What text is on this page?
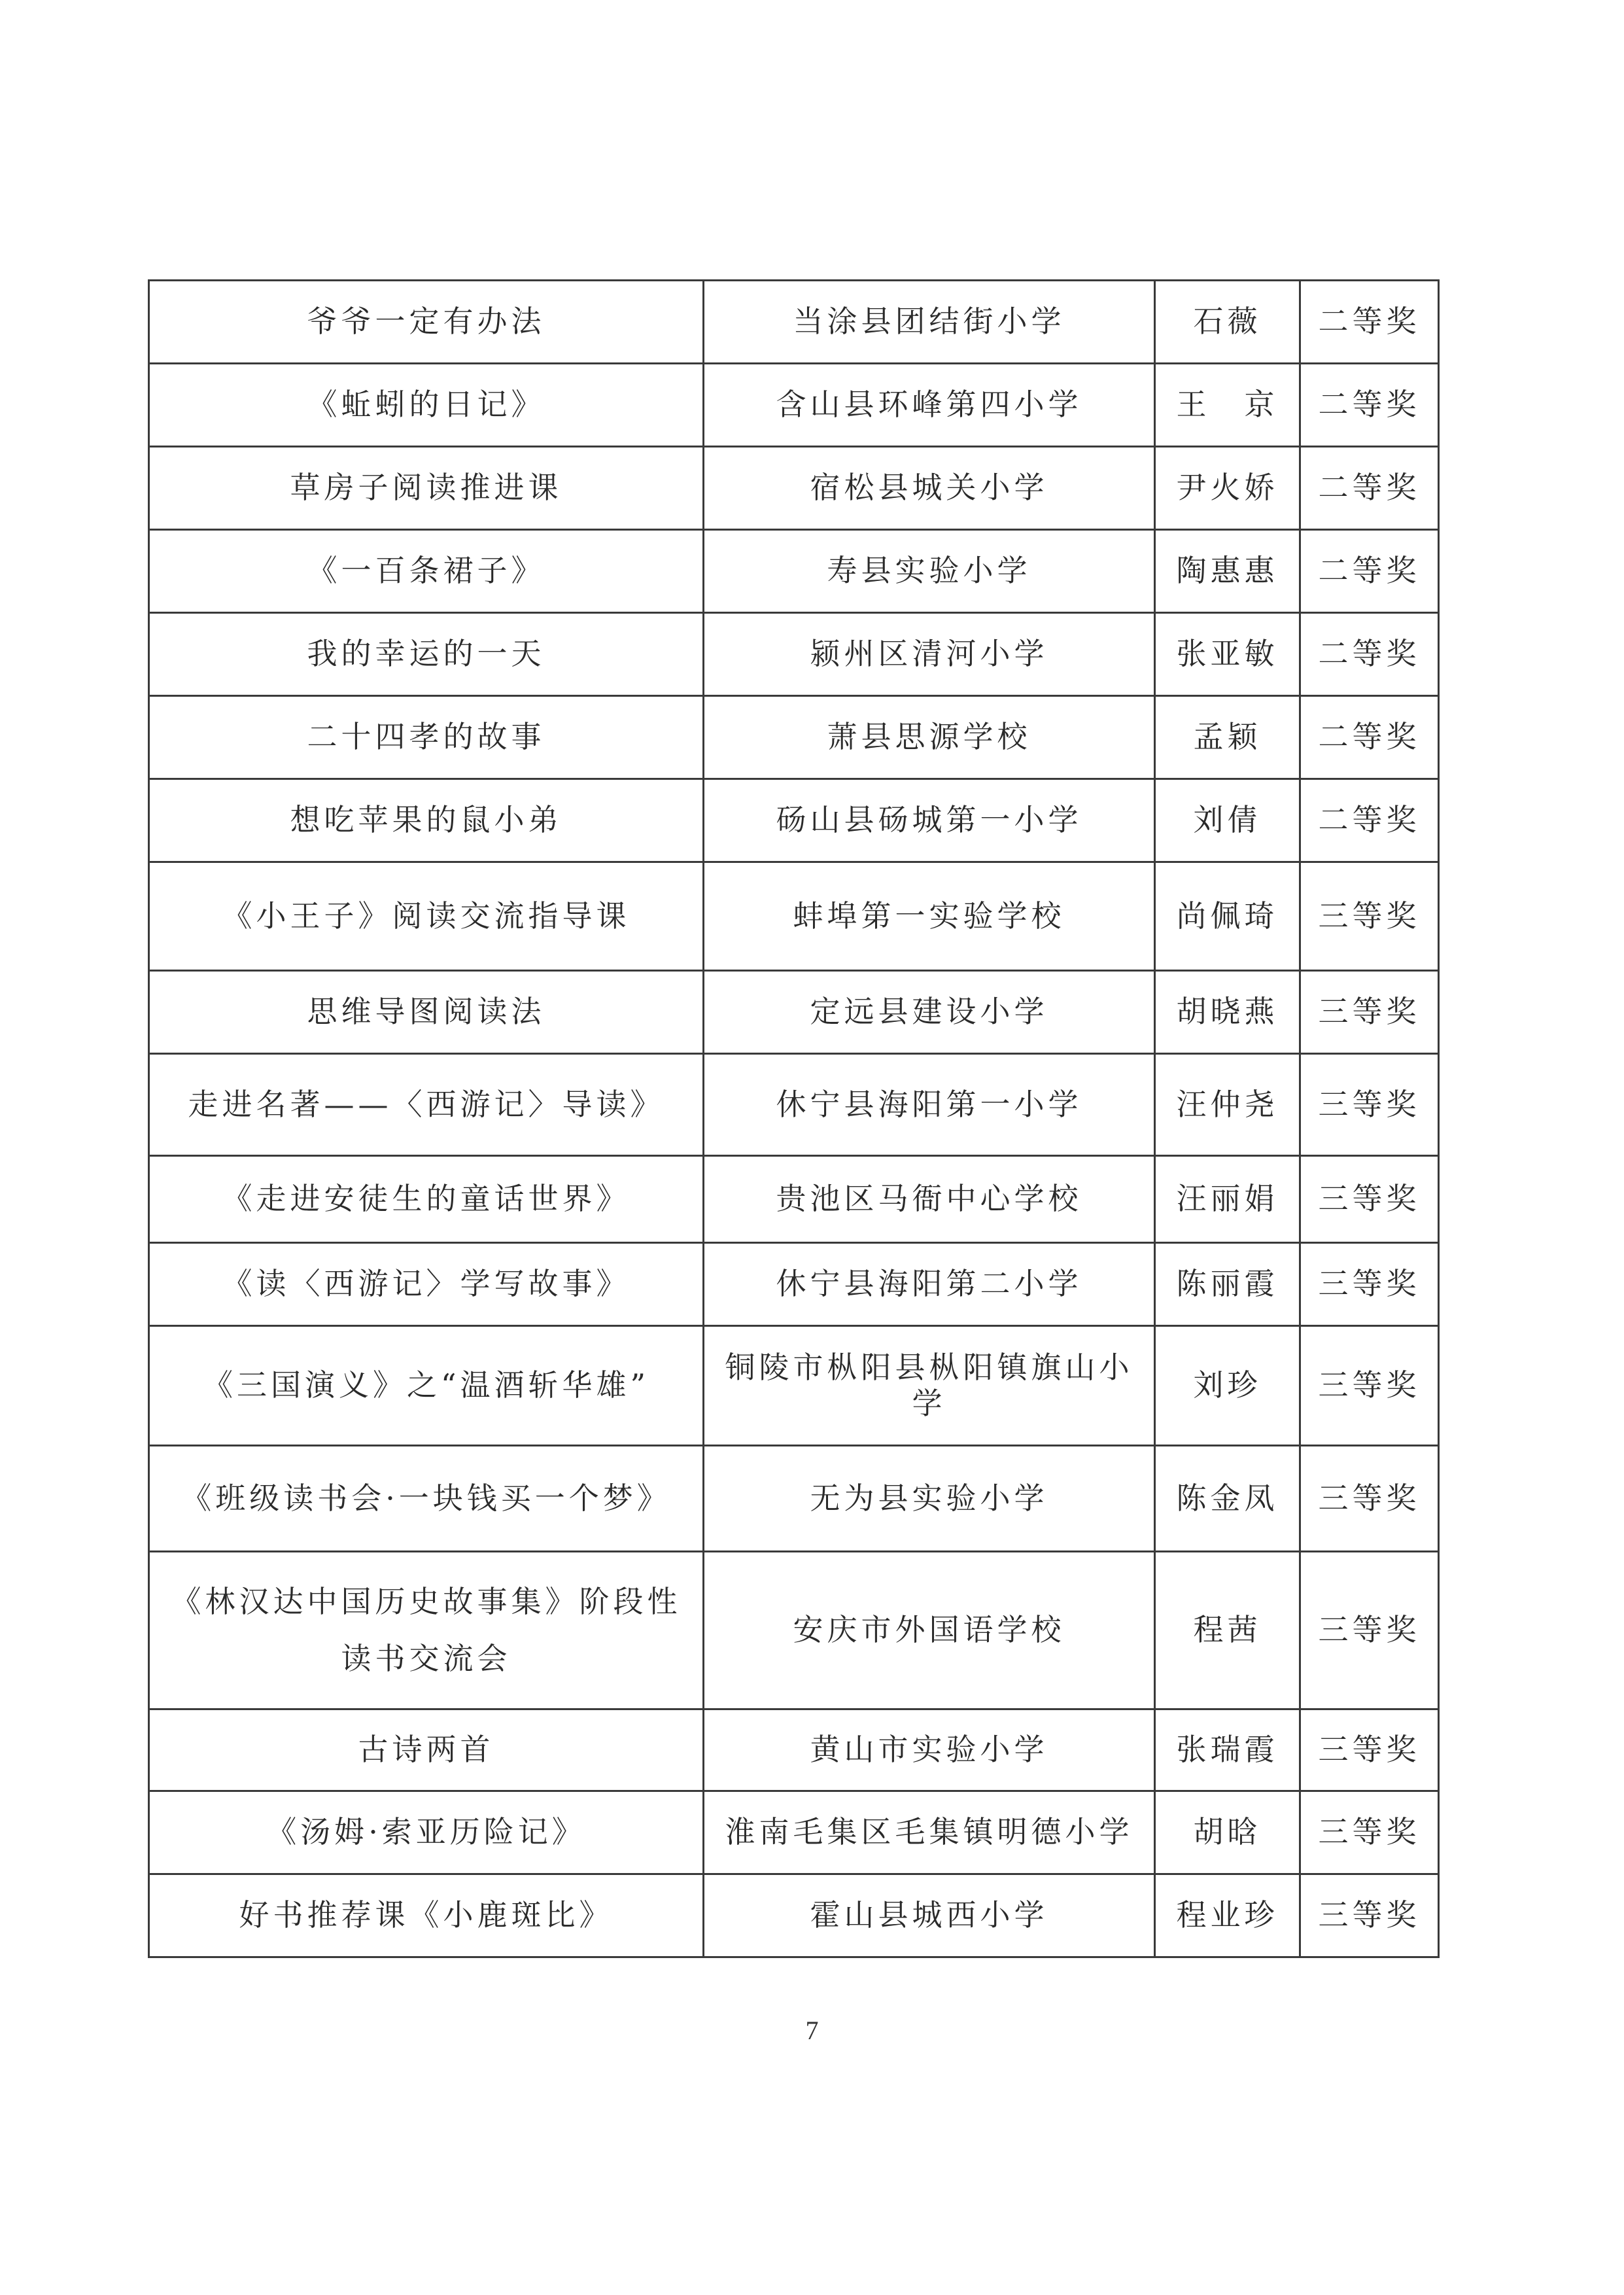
爷爷一定有办法	当涂县团结街小学	石薇	二等奖
《蚯蚓的日记》	含山县环峰第四小学	王　京	二等奖
草房子阅读推进课	宿松县城关小学	尹火娇	二等奖
《一百条裙子》	寿县实验小学	陶惠惠	二等奖
我的幸运的一天	颍州区清河小学	张亚敏	二等奖
二十四孝的故事	萧县思源学校	孟颖	二等奖
想吃苹果的鼠小弟	砀山县砀城第一小学	刘倩	二等奖
《小王子》阅读交流指导课	蚌埠第一实验学校	尚佩琦	三等奖
思维导图阅读法	定远县建设小学	胡晓燕	三等奖
走进名著——〈西游记〉导读》	休宁县海阳第一小学	汪仲尧	三等奖
《走进安徒生的童话世界》	贵池区马衙中心学校	汪丽娟	三等奖
《读〈西游记〉学写故事》	休宁县海阳第二小学	陈丽霞	三等奖
《三国演义》之“温酒斩华雄”	铜陵市枞阳县枞阳镇旗山小学	刘珍	三等奖
《班级读书会·一块钱买一个梦》	无为县实验小学	陈金凤	三等奖
《林汉达中国历史故事集》阶段性读书交流会	安庆市外国语学校	程茜	三等奖
古诗两首	黄山市实验小学	张瑞霞	三等奖
《汤姆·索亚历险记》	淮南毛集区毛集镇明德小学	胡晗	三等奖
好书推荐课《小鹿斑比》	霍山县城西小学	程业珍	三等奖
7
